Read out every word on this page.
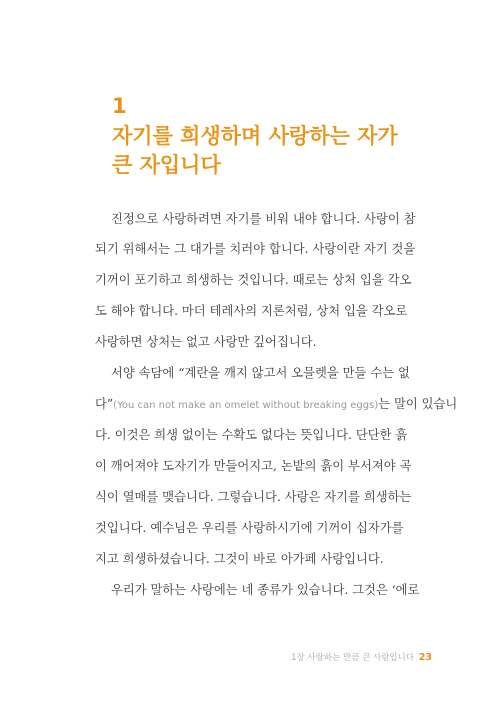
1
자기를 희생하며 사랑하는 자가
큰 자입니다
진정으로 사랑하려면 자기를 비워 내야 합니다. 사랑이 참
되기 위해서는 그 대가를 치러야 합니다. 사랑이란 자기 것을
기꺼이 포기하고 희생하는 것입니다. 때로는 상처 입을 각오
도 해야 합니다. 마더 테레사의 지론처럼, 상처 입을 각오로
사랑하면 상처는 없고 사랑만 깊어집니다.
서양 속담에 “계란을 깨지 않고서 오믈렛을 만들 수는 없
다”(You can not make an omelet without breaking eggs)는 말이 있습니
다. 이것은 희생 없이는 수확도 없다는 뜻입니다. 단단한 흙
이 깨어져야 도자기가 만들어지고, 논밭의 흙이 부서져야 곡
식이 열매를 맺습니다. 그렇습니다. 사랑은 자기를 희생하는
것입니다. 예수님은 우리를 사랑하시기에 기꺼이 십자가를
지고 희생하셨습니다. 그것이 바로 아가페 사랑입니다.
우리가 말하는 사랑에는 네 종류가 있습니다. 그것은 ‘에로
1장 사랑하는 만큼 큰 사람입니다 23
